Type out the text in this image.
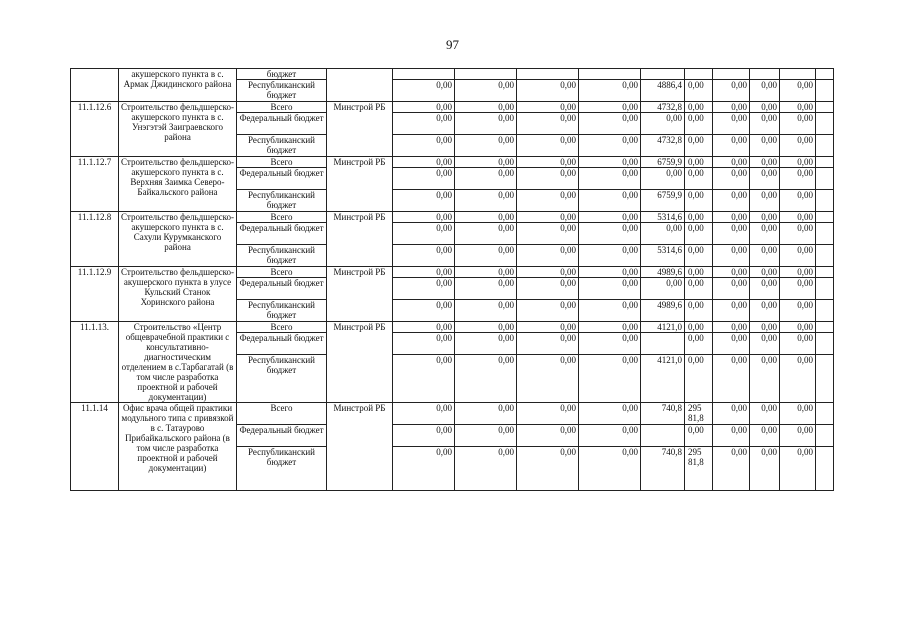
97
	акушерского пункта в с. Армак Джидинского района	бюджет											
		Республиканский бюджет		0,00	0,00	0,00	0,00	4886,4	0,00	0,00	0,00	0,00	
11.1.12.6	Строительство фельдшерско-акушерского пункта в с. Унэгэтэй Заиграевского района	Всего	Минстрой РБ	0,00	0,00	0,00	0,00	4732,8	0,00	0,00	0,00	0,00	
		Федеральный бюджет		0,00	0,00	0,00	0,00	0,00	0,00	0,00	0,00	0,00	
		Республиканский бюджет		0,00	0,00	0,00	0,00	4732,8	0,00	0,00	0,00	0,00	
11.1.12.7	Строительство фельдшерско-акушерского пункта в с. Верхняя Заимка Северо-Байкальского района	Всего	Минстрой РБ	0,00	0,00	0,00	0,00	6759,9	0,00	0,00	0,00	0,00	
		Федеральный бюджет		0,00	0,00	0,00	0,00	0,00	0,00	0,00	0,00	0,00	
		Республиканский бюджет		0,00	0,00	0,00	0,00	6759,9	0,00	0,00	0,00	0,00	
11.1.12.8	Строительство фельдшерско-акушерского пункта в с. Сахули Курумканского района	Всего	Минстрой РБ	0,00	0,00	0,00	0,00	5314,6	0,00	0,00	0,00	0,00	
		Федеральный бюджет		0,00	0,00	0,00	0,00	0,00	0,00	0,00	0,00	0,00	
		Республиканский бюджет		0,00	0,00	0,00	0,00	5314,6	0,00	0,00	0,00	0,00	
11.1.12.9	Строительство фельдшерско-акушерского пункта в улусе Кульский Станок Хоринского района	Всего	Минстрой РБ	0,00	0,00	0,00	0,00	4989,6	0,00	0,00	0,00	0,00	
		Федеральный бюджет		0,00	0,00	0,00	0,00	0,00	0,00	0,00	0,00	0,00	
		Республиканский бюджет		0,00	0,00	0,00	0,00	4989,6	0,00	0,00	0,00	0,00	
11.1.13.	Строительство «Центр общеврачебной практики с консультативно-диагностическим отделением в с.Тарбагатай (в том числе разработка проектной и рабочей документации)	Всего	Минстрой РБ	0,00	0,00	0,00	0,00	4121,0	0,00	0,00	0,00	0,00	
		Федеральный бюджет		0,00	0,00	0,00	0,00		0,00	0,00	0,00	0,00	
		Республиканский бюджет		0,00	0,00	0,00	0,00	4121,0	0,00	0,00	0,00	0,00	
11.1.14	Офис врача общей практики модульного типа с привязкой в с. Татаурово Прибайкальского района (в том числе разработка проектной и рабочей документации)	Всего	Минстрой РБ	0,00	0,00	0,00	0,00	740,8	295 81,8	0,00	0,00	0,00	
		Федеральный бюджет		0,00	0,00	0,00	0,00		0,00	0,00	0,00	0,00	
		Республиканский бюджет		0,00	0,00	0,00	0,00	740,8	295 81,8	0,00	0,00	0,00	
